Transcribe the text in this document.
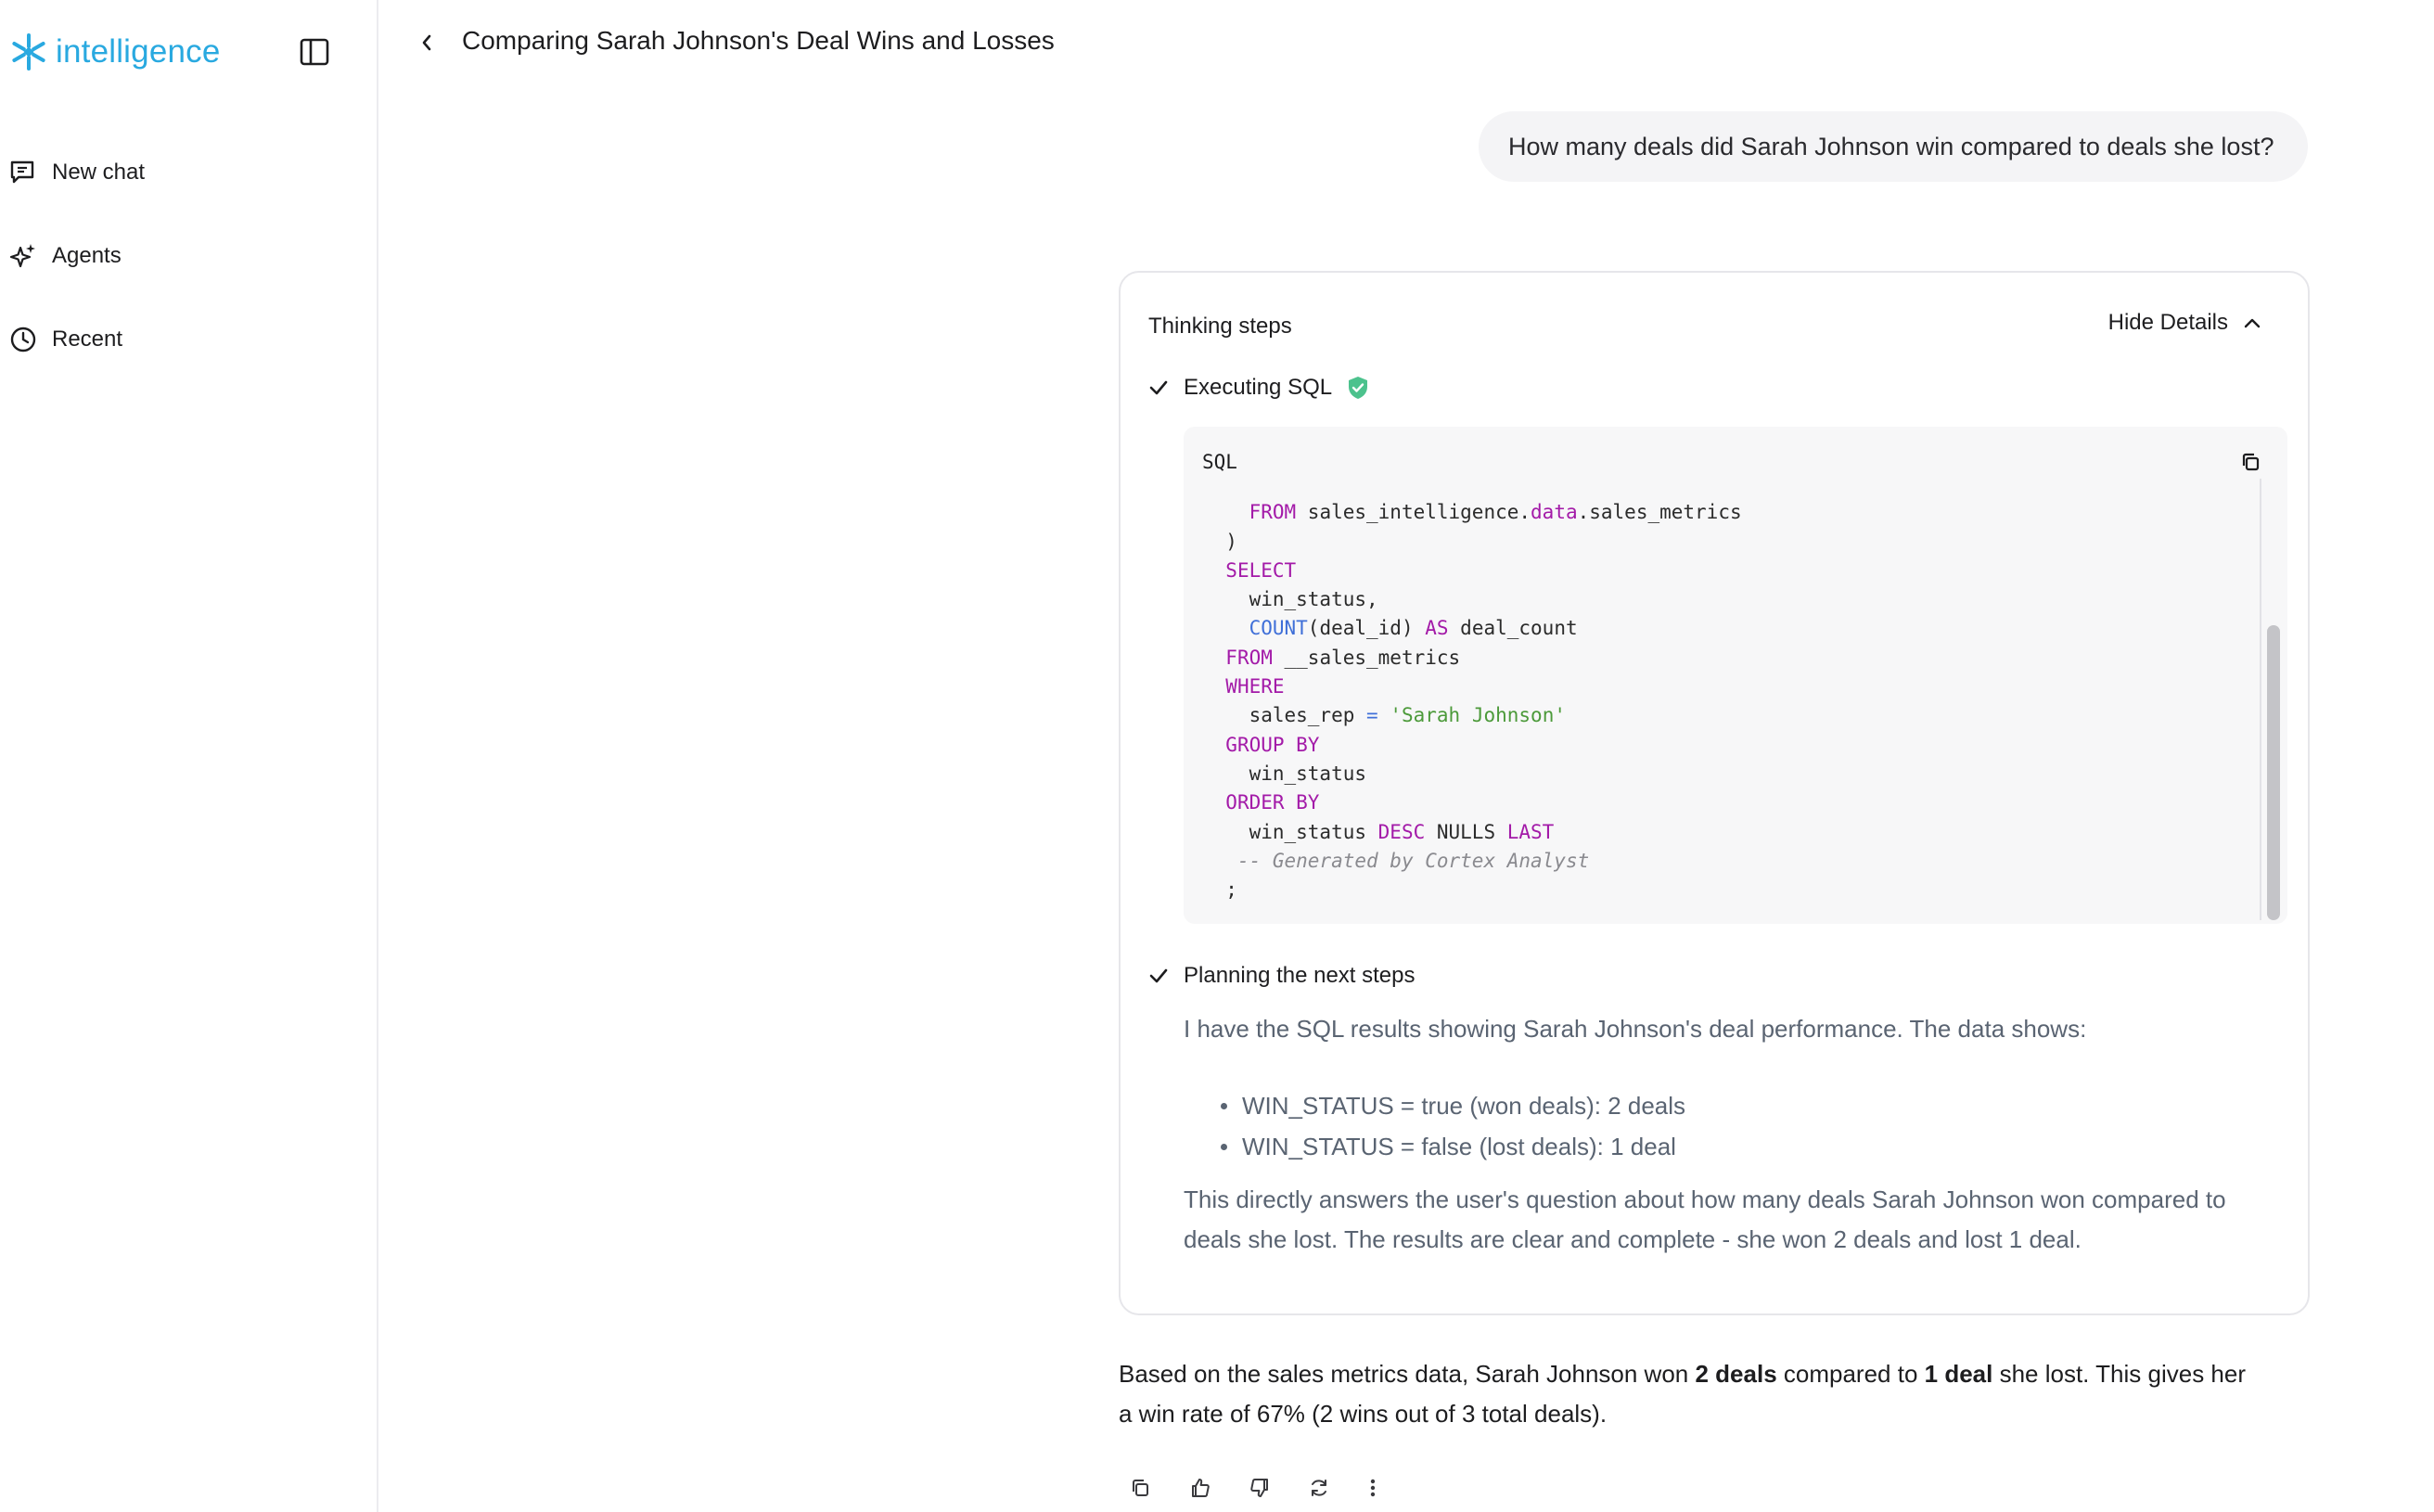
intelligence
New chat
Agents
Recent
Comparing Sarah Johnson's Deal Wins and Losses
How many deals did Sarah Johnson win compared to deals she lost?
Thinking steps	Hide Details
Executing SQL
SQL

FROM sales_intelligence.data.sales_metrics
)
SELECT
win_status,
COUNT(deal_id) AS deal_count
FROM __sales_metrics
WHERE
sales_rep = 'Sarah Johnson'
GROUP BY
win_status
ORDER BY
win_status DESC NULLS LAST
-- Generated by Cortex Analyst
;

Planning the next steps
I have the SQL results showing Sarah Johnson's deal performance. The data shows:
WIN_STATUS = true (won deals): 2 deals
WIN_STATUS = false (lost deals): 1 deal
This directly answers the user's question about how many deals Sarah Johnson won compared to
deals she lost. The results are clear and complete - she won 2 deals and lost 1 deal.
Based on the sales metrics data, Sarah Johnson won 2 deals compared to 1 deal she lost. This gives her
a win rate of 67% (2 wins out of 3 total deals).
